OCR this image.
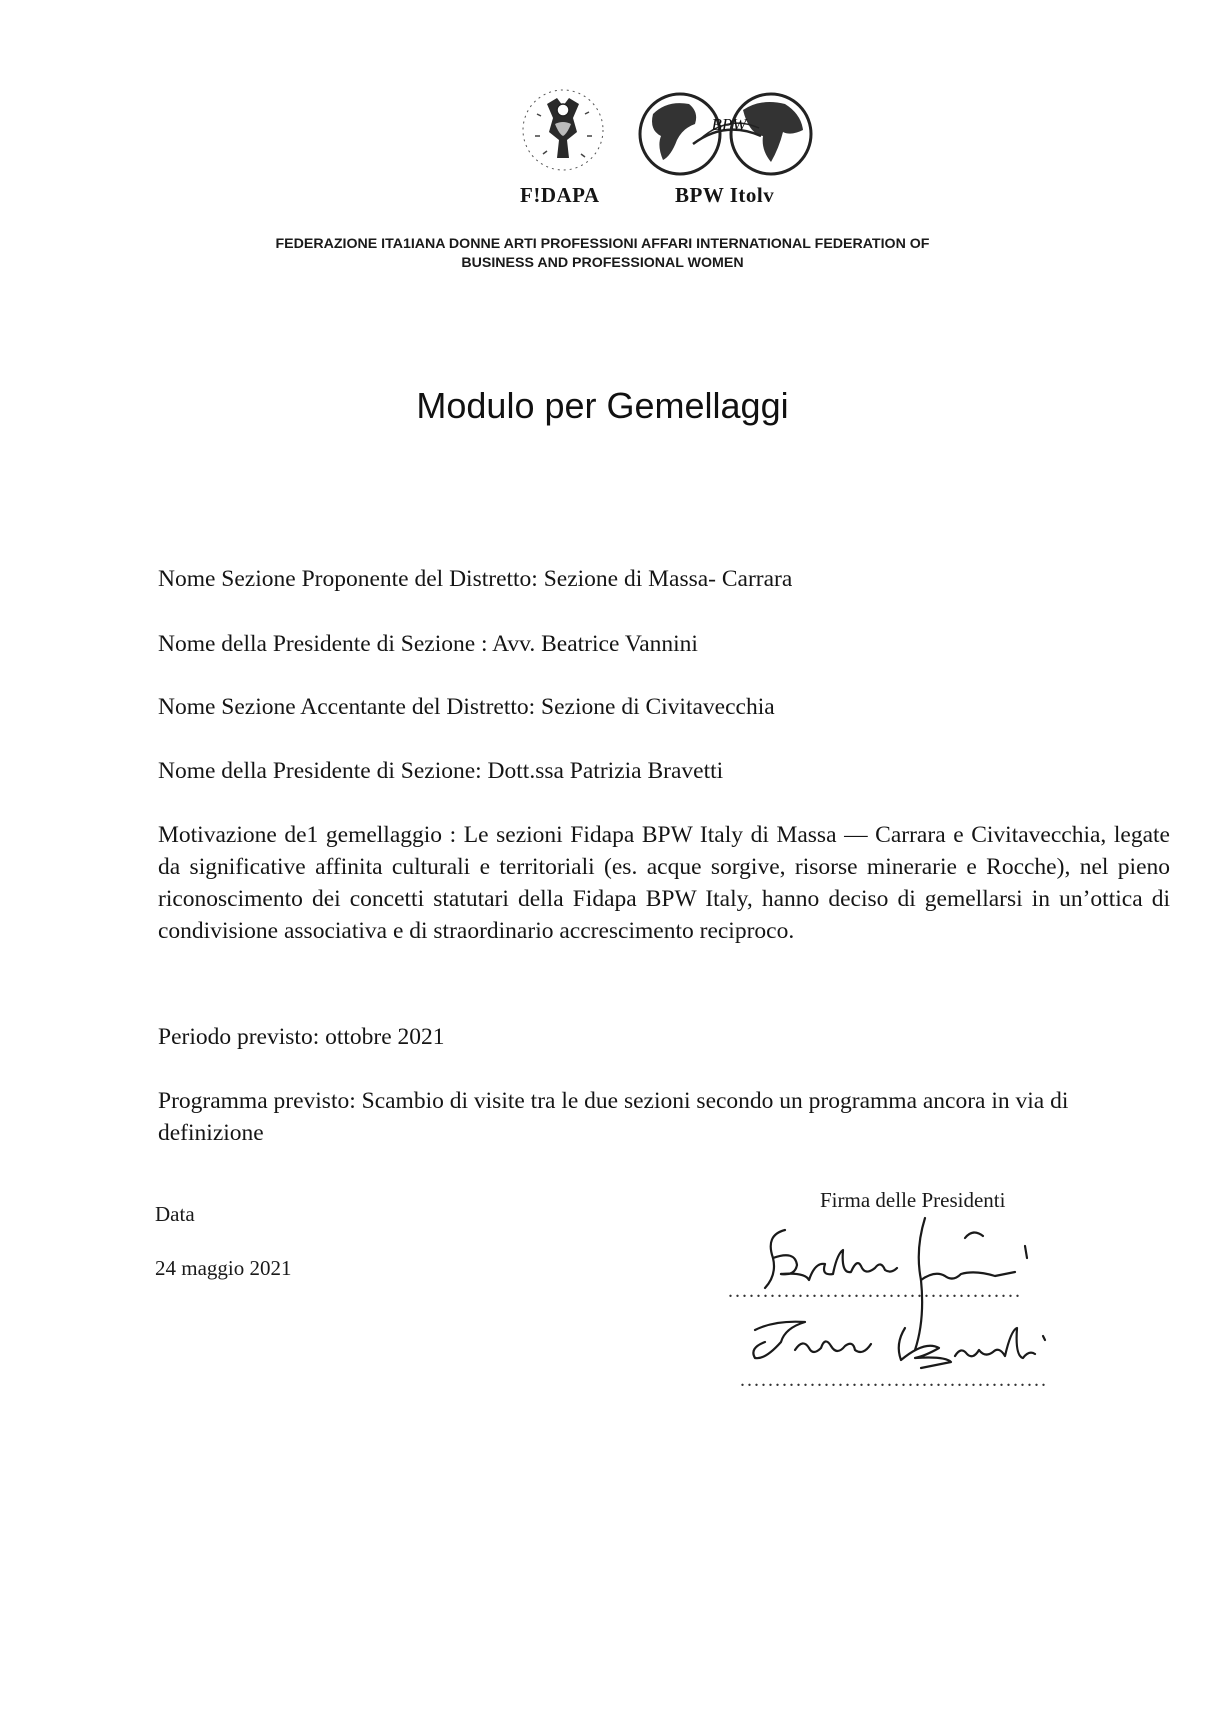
BPW
F!DAPA	BPW Itolv
FEDERAZIONE ITA1IANA DONNE ARTI PROFESSIONI AFFARI INTERNATIONAL FEDERATION OF
BUSINESS AND PROFESSIONAL WOMEN
Modulo per Gemellaggi
Nome Sezione Proponente del Distretto: Sezione di Massa- Carrara
Nome della Presidente di Sezione : Avv. Beatrice Vannini
Nome Sezione Accentante del Distretto: Sezione di Civitavecchia
Nome della Presidente di Sezione: Dott.ssa Patrizia Bravetti
Motivazione de1 gemellaggio : Le sezioni Fidapa BPW Italy di Massa — Carrara e Civitavecchia, legate da significative affinita culturali e territoriali (es. acque sorgive, risorse minerarie e Rocche), nel pieno riconoscimento dei concetti statutari della Fidapa BPW Italy, hanno deciso di gemellarsi in un’ottica di condivisione associativa e di straordinario accrescimento reciproco.
Periodo previsto: ottobre 2021
Programma previsto: Scambio di visite tra le due sezioni secondo un programma ancora in via di definizione
Data
24 maggio 2021
Firma delle Presidenti
..........................................
............................................
